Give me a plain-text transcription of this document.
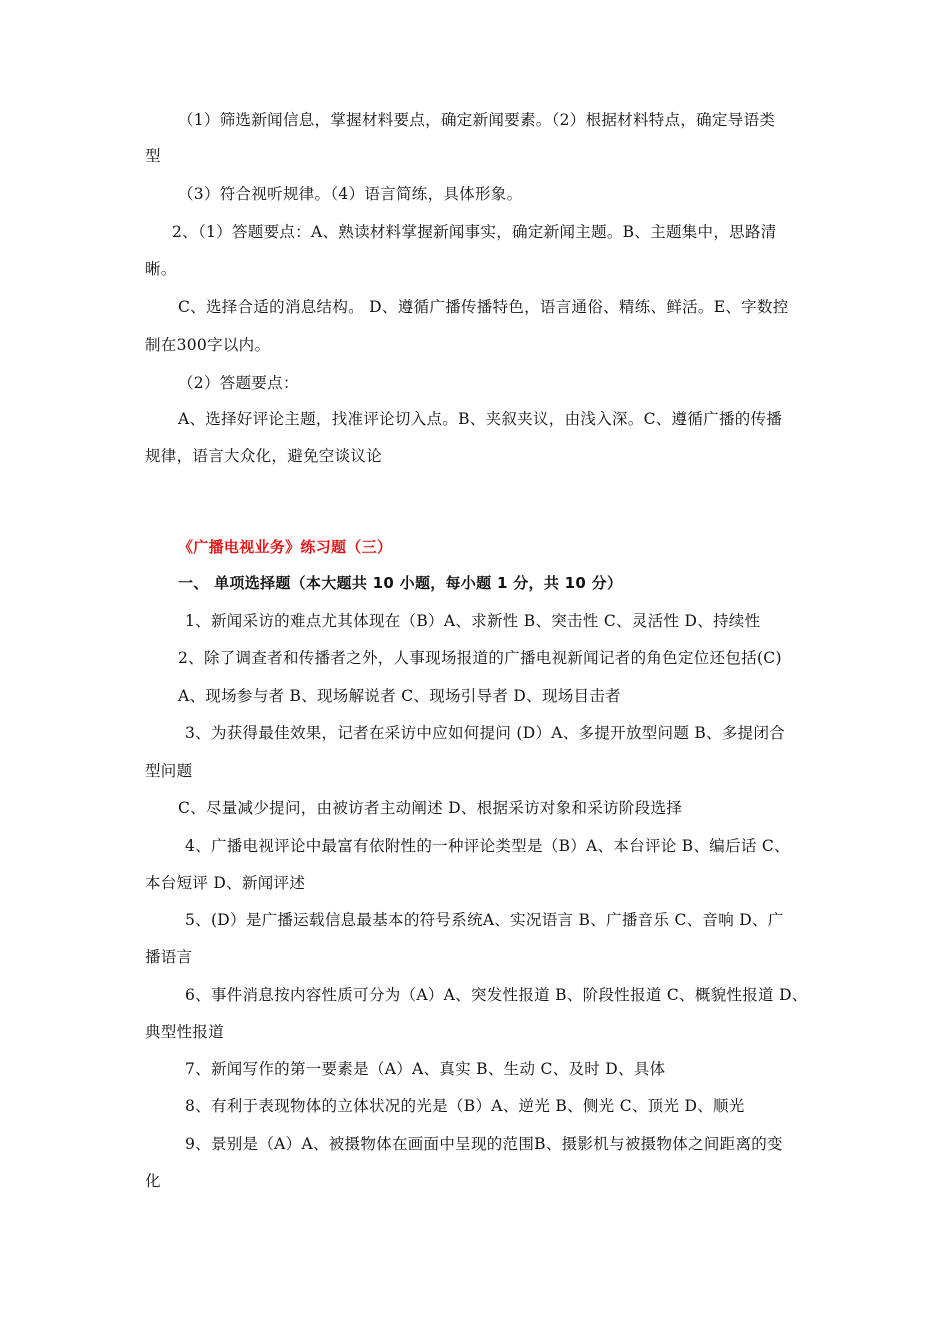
（1）筛选新闻信息，掌握材料要点，确定新闻要素。（2）根据材料特点，确定导语类
型
（3）符合视听规律。（4）语言简练，具体形象。
2、（1）答题要点：A、熟读材料掌握新闻事实，确定新闻主题。B、主题集中，思路清
晰。
C、选择合适的消息结构。 D、遵循广播传播特色，语言通俗、精练、鲜活。E、字数控
制在300字以内。
（2）答题要点：
A、选择好评论主题，找准评论切入点。B、夹叙夹议，由浅入深。C、遵循广播的传播
规律，语言大众化，避免空谈议论
《广播电视业务》练习题（三）
一、 单项选择题（本大题共 10 小题，每小题 1 分，共 10 分）
1、新闻采访的难点尤其体现在（B）A、求新性 B、突击性 C、灵活性 D、持续性
2、除了调查者和传播者之外，人事现场报道的广播电视新闻记者的角色定位还包括(C)
A、现场参与者 B、现场解说者 C、现场引导者 D、现场目击者
3、为获得最佳效果，记者在采访中应如何提问 (D）A、多提开放型问题 B、多提闭合
型问题
C、尽量减少提问，由被访者主动阐述 D、根据采访对象和采访阶段选择
4、广播电视评论中最富有依附性的一种评论类型是（B）A、本台评论 B、编后话 C、
本台短评 D、新闻评述
5、(D）是广播运载信息最基本的符号系统A、实况语言 B、广播音乐 C、音响 D、广
播语言
6、事件消息按内容性质可分为（A）A、突发性报道 B、阶段性报道 C、概貌性报道 D、
典型性报道
7、新闻写作的第一要素是（A）A、真实 B、生动 C、及时 D、具体
8、有利于表现物体的立体状况的光是（B）A、逆光 B、侧光 C、顶光 D、顺光
9、景别是（A）A、被摄物体在画面中呈现的范围B、摄影机与被摄物体之间距离的变
化
